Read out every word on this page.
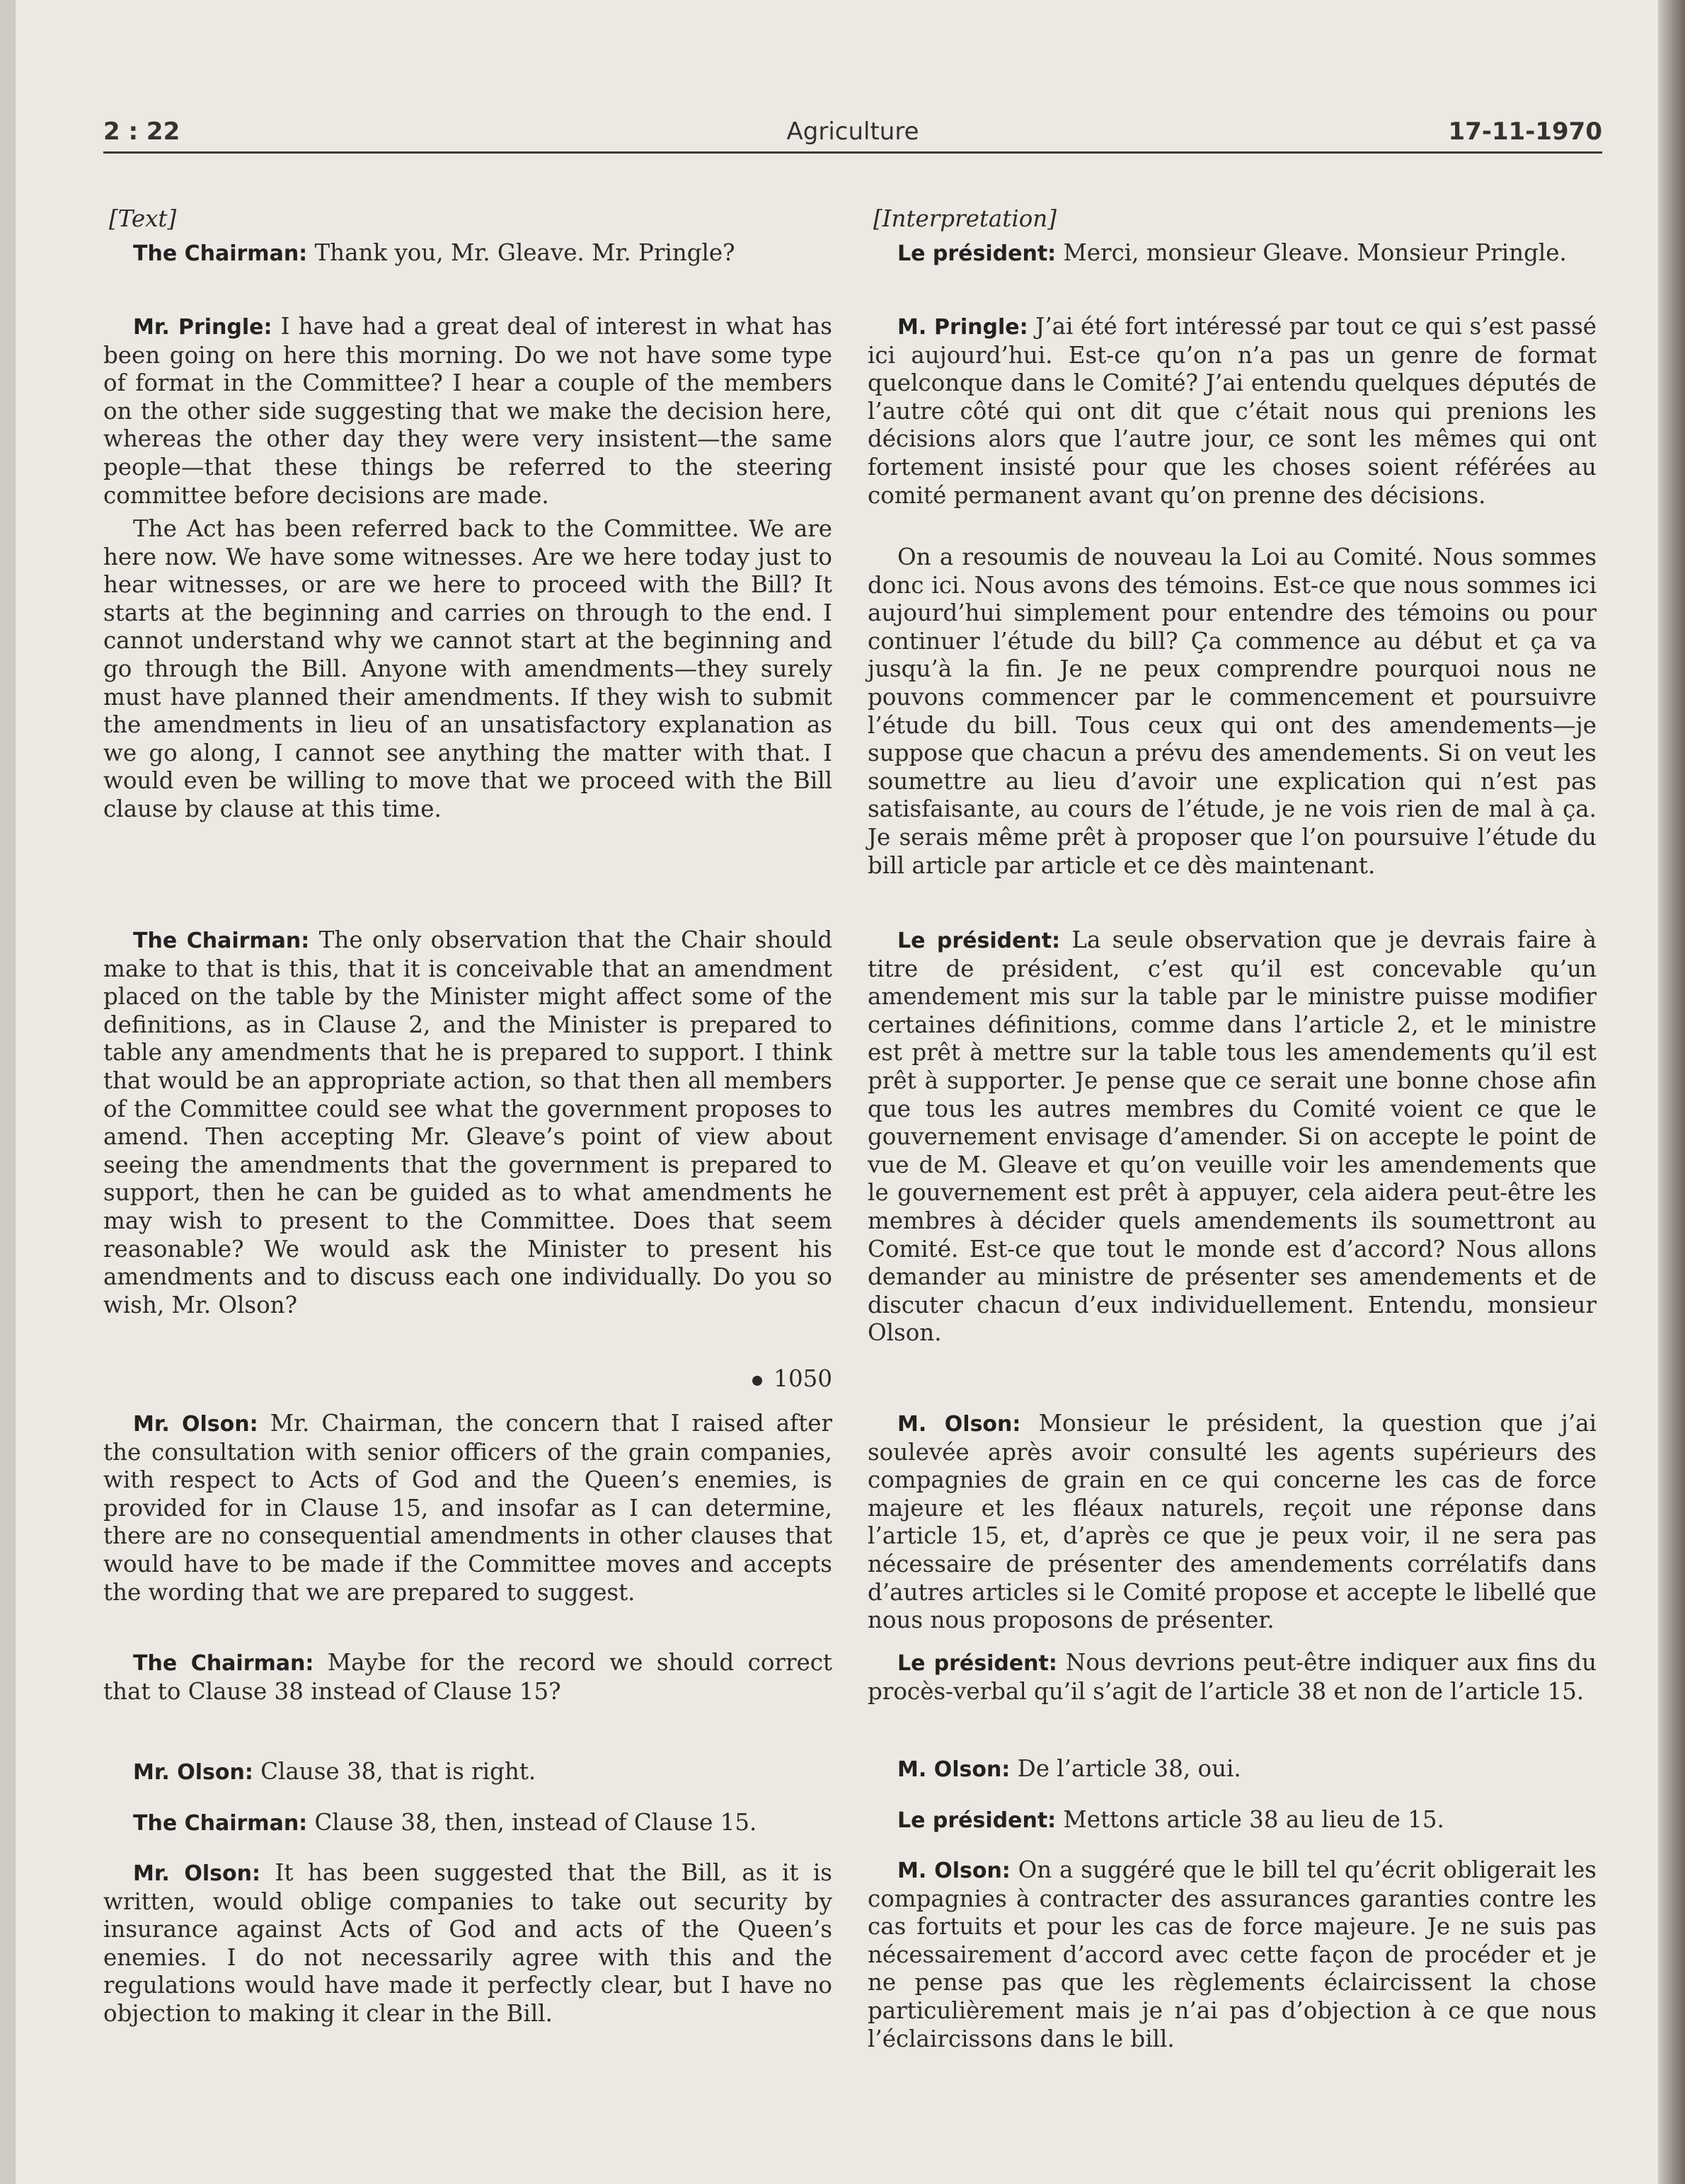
2 : 22	Agriculture	17-11-1970
[Text]

The Chairman: Thank you, Mr. Gleave. Mr. Pringle?

Mr. Pringle: I have had a great deal of interest in what has been going on here this morning. Do we not have some type of format in the Committee? I hear a couple of the members on the other side suggesting that we make the decision here, whereas the other day they were very insistent—the same people—that these things be referred to the steering committee before decisions are made.

The Act has been referred back to the Committee. We are here now. We have some witnesses. Are we here today just to hear witnesses, or are we here to proceed with the Bill? It starts at the beginning and carries on through to the end. I cannot understand why we cannot start at the beginning and go through the Bill. Anyone with amendments—they surely must have planned their amendments. If they wish to submit the amendments in lieu of an unsatisfactory explanation as we go along, I cannot see anything the matter with that. I would even be willing to move that we proceed with the Bill clause by clause at this time.

The Chairman: The only observation that the Chair should make to that is this, that it is conceivable that an amendment placed on the table by the Minister might affect some of the definitions, as in Clause 2, and the Minister is prepared to table any amendments that he is prepared to support. I think that would be an appropriate action, so that then all members of the Committee could see what the government proposes to amend. Then accepting Mr. Gleave’s point of view about seeing the amendments that the government is prepared to support, then he can be guided as to what amendments he may wish to present to the Committee. Does that seem reasonable? We would ask the Minister to present his amendments and to discuss each one individually. Do you so wish, Mr. Olson?

1050

Mr. Olson: Mr. Chairman, the concern that I raised after the consultation with senior officers of the grain companies, with respect to Acts of God and the Queen’s enemies, is provided for in Clause 15, and insofar as I can determine, there are no consequential amendments in other clauses that would have to be made if the Committee moves and accepts the wording that we are prepared to suggest.

The Chairman: Maybe for the record we should correct that to Clause 38 instead of Clause 15?

Mr. Olson: Clause 38, that is right.

The Chairman: Clause 38, then, instead of Clause 15.

Mr. Olson: It has been suggested that the Bill, as it is written, would oblige companies to take out security by insurance against Acts of God and acts of the Queen’s enemies. I do not necessarily agree with this and the regulations would have made it perfectly clear, but I have no objection to making it clear in the Bill.

[Interpretation]

Le président: Merci, monsieur Gleave. Monsieur Pringle.

M. Pringle: J’ai été fort intéressé par tout ce qui s’est passé ici aujourd’hui. Est-ce qu’on n’a pas un genre de format quelconque dans le Comité? J’ai entendu quelques députés de l’autre côté qui ont dit que c’était nous qui prenions les décisions alors que l’autre jour, ce sont les mêmes qui ont fortement insisté pour que les choses soient référées au comité permanent avant qu’on prenne des décisions.

On a resoumis de nouveau la Loi au Comité. Nous sommes donc ici. Nous avons des témoins. Est-ce que nous sommes ici aujourd’hui simplement pour entendre des témoins ou pour continuer l’étude du bill? Ça commence au début et ça va jusqu’à la fin. Je ne peux comprendre pourquoi nous ne pouvons commencer par le commencement et poursuivre l’étude du bill. Tous ceux qui ont des amendements—je suppose que chacun a prévu des amendements. Si on veut les soumettre au lieu d’avoir une explication qui n’est pas satisfaisante, au cours de l’étude, je ne vois rien de mal à ça. Je serais même prêt à proposer que l’on poursuive l’étude du bill article par article et ce dès maintenant.

Le président: La seule observation que je devrais faire à titre de président, c’est qu’il est concevable qu’un amendement mis sur la table par le ministre puisse modifier certaines définitions, comme dans l’article 2, et le ministre est prêt à mettre sur la table tous les amendements qu’il est prêt à supporter. Je pense que ce serait une bonne chose afin que tous les autres membres du Comité voient ce que le gouvernement envisage d’amender. Si on accepte le point de vue de M. Gleave et qu’on veuille voir les amendements que le gouvernement est prêt à appuyer, cela aidera peut-être les membres à décider quels amendements ils soumettront au Comité. Est-ce que tout le monde est d’accord? Nous allons demander au ministre de présenter ses amendements et de discuter chacun d’eux individuellement. Entendu, monsieur Olson.

M. Olson: Monsieur le président, la question que j’ai soulevée après avoir consulté les agents supérieurs des compagnies de grain en ce qui concerne les cas de force majeure et les fléaux naturels, reçoit une réponse dans l’article 15, et, d’après ce que je peux voir, il ne sera pas nécessaire de présenter des amendements corrélatifs dans d’autres articles si le Comité propose et accepte le libellé que nous nous proposons de présenter.

Le président: Nous devrions peut-être indiquer aux fins du procès-verbal qu’il s’agit de l’article 38 et non de l’article 15.

M. Olson: De l’article 38, oui.

Le président: Mettons article 38 au lieu de 15.

M. Olson: On a suggéré que le bill tel qu’écrit obligerait les compagnies à contracter des assurances garanties contre les cas fortuits et pour les cas de force majeure. Je ne suis pas nécessairement d’accord avec cette façon de procéder et je ne pense pas que les règlements éclaircissent la chose particulièrement mais je n’ai pas d’objection à ce que nous l’éclaircissons dans le bill.
